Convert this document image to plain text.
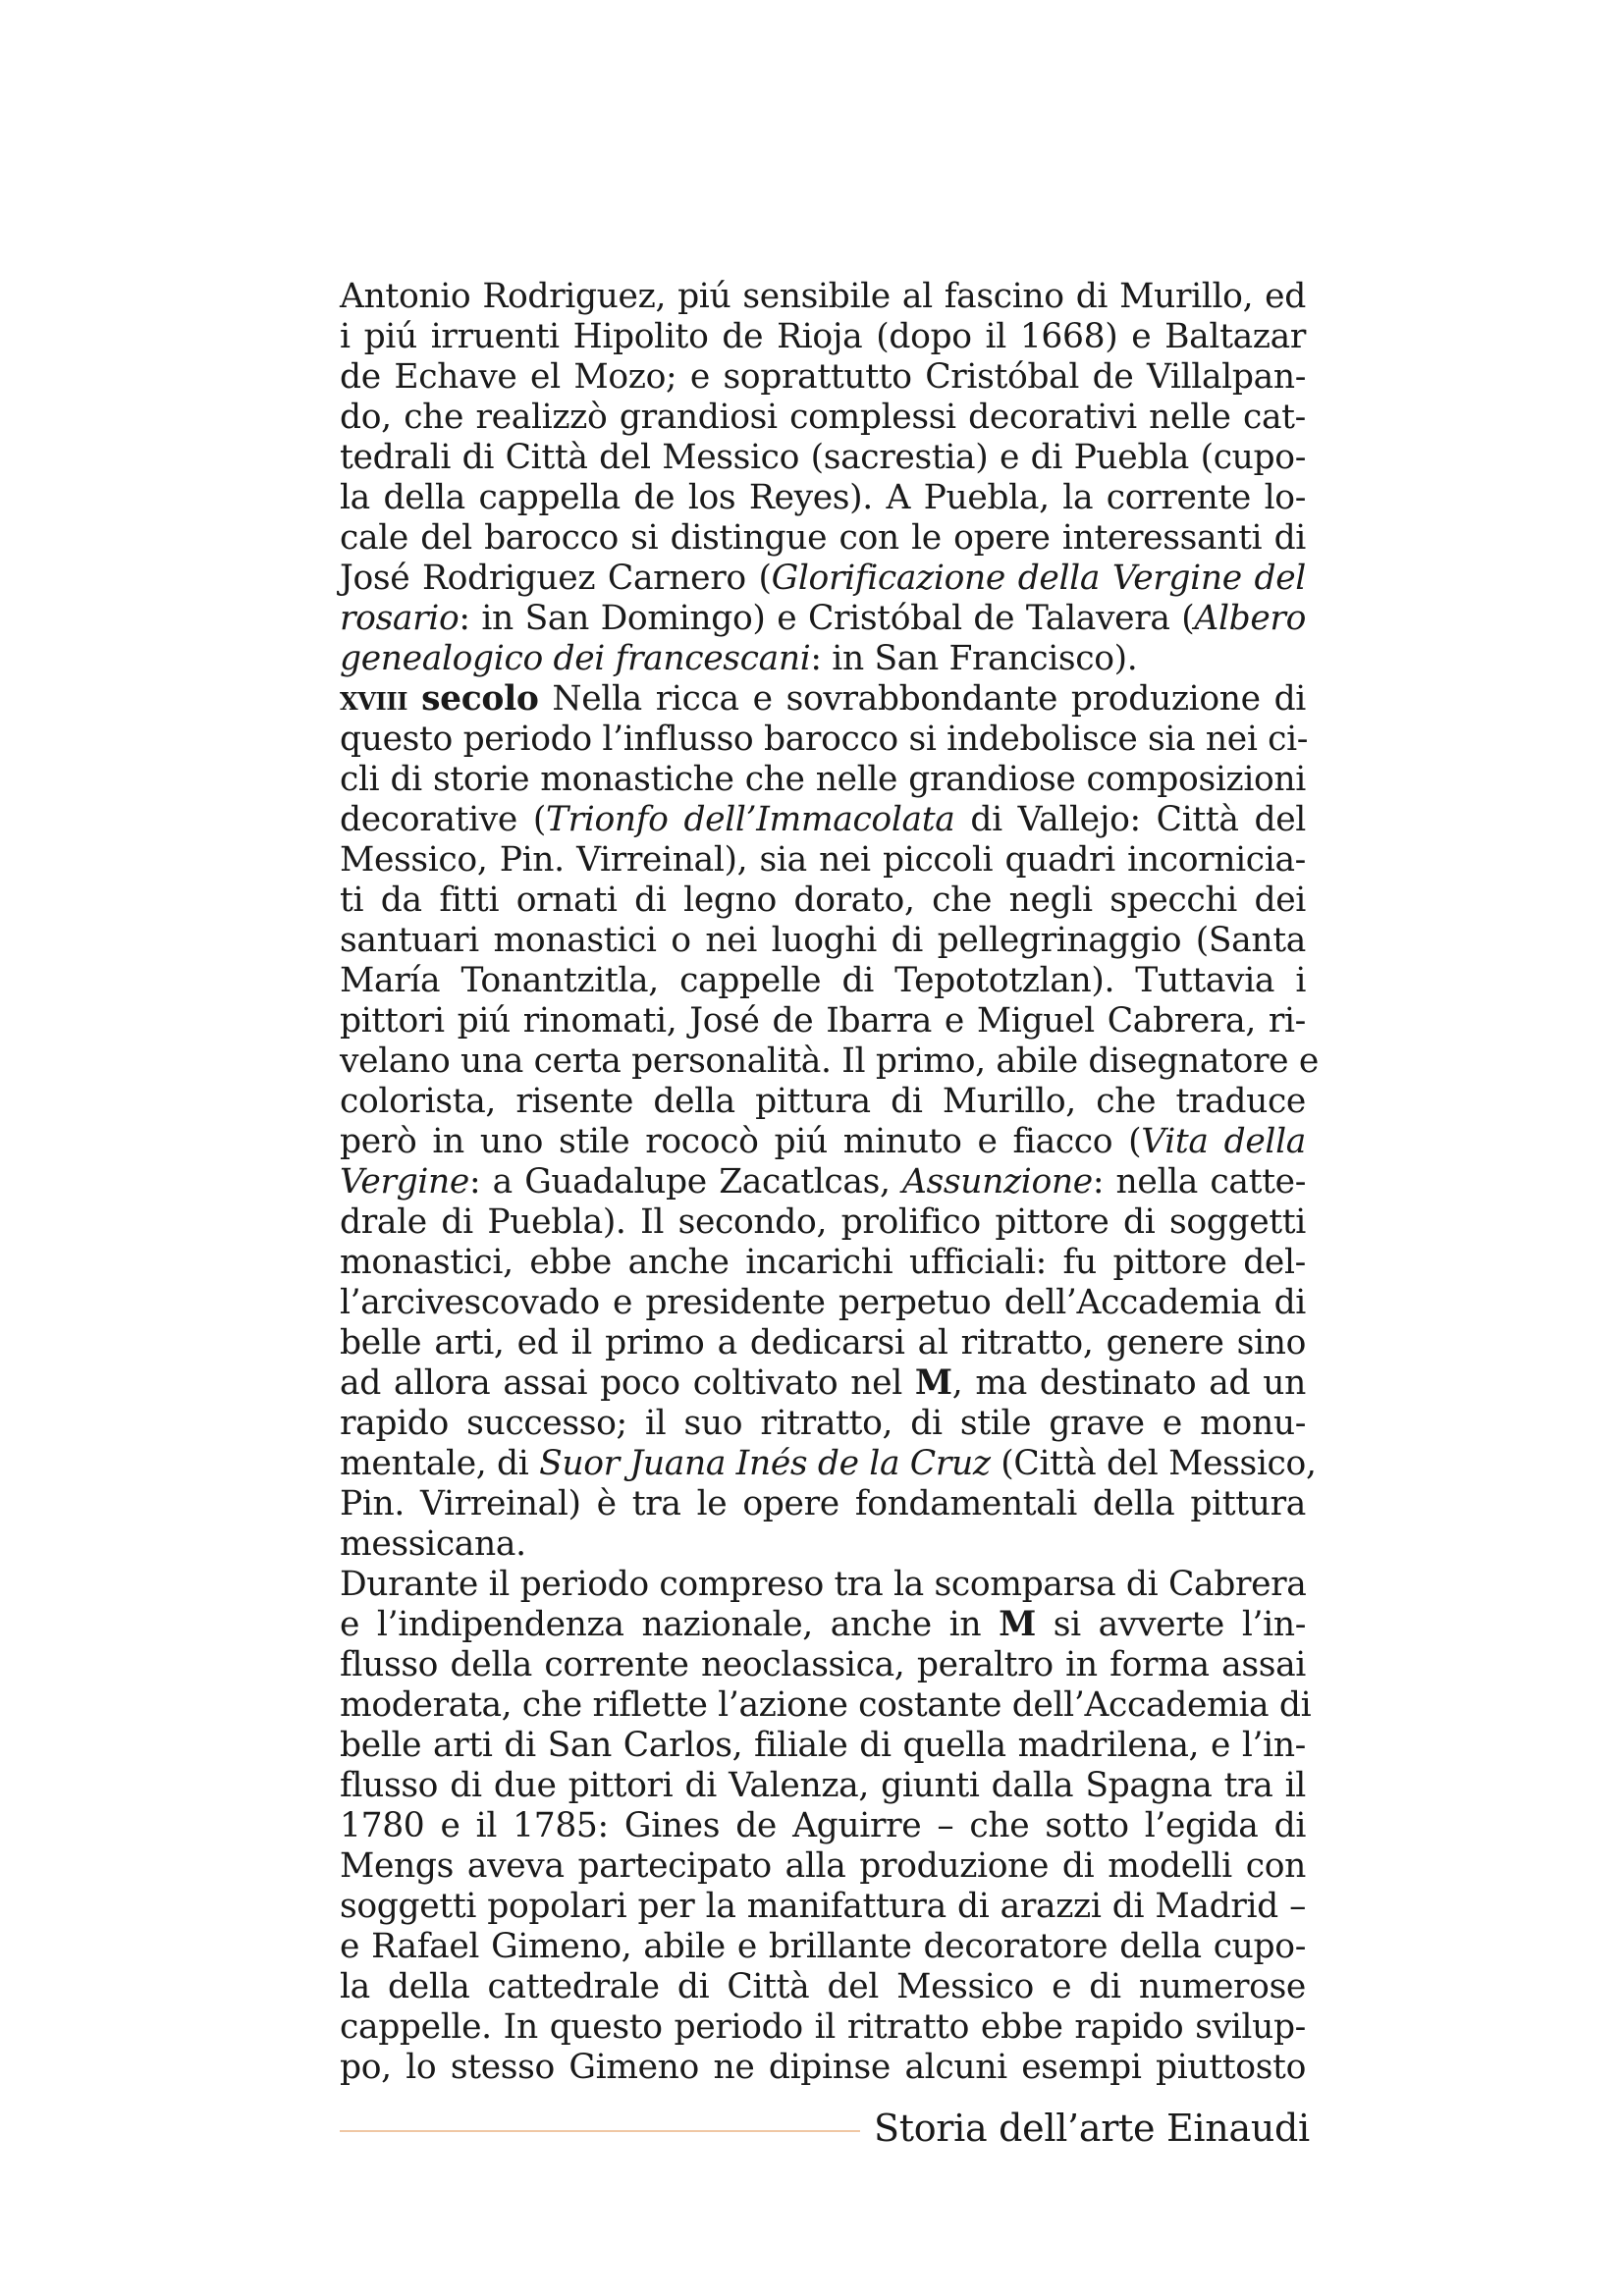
Antonio Rodriguez, piú sensibile al fascino di Murillo, ed
i piú irruenti Hipolito de Rioja (dopo il 1668) e Baltazar
de Echave el Mozo; e soprattutto Cristóbal de Villalpan-
do, che realizzò grandiosi complessi decorativi nelle cat-
tedrali di Città del Messico (sacrestia) e di Puebla (cupo-
la della cappella de los Reyes). A Puebla, la corrente lo-
cale del barocco si distingue con le opere interessanti di
José Rodriguez Carnero (Glorificazione della Vergine del
rosario: in San Domingo) e Cristóbal de Talavera (Albero
genealogico dei francescani: in San Francisco).
xviii secolo Nella ricca e sovrabbondante produzione di
questo periodo l’influsso barocco si indebolisce sia nei ci-
cli di storie monastiche che nelle grandiose composizioni
decorative (Trionfo dell’Immacolata di Vallejo: Città del
Messico, Pin. Virreinal), sia nei piccoli quadri incornicia-
ti da fitti ornati di legno dorato, che negli specchi dei
santuari monastici o nei luoghi di pellegrinaggio (Santa
María Tonantzitla, cappelle di Tepototzlan). Tuttavia i
pittori piú rinomati, José de Ibarra e Miguel Cabrera, ri-
velano una certa personalità. Il primo, abile disegnatore e
colorista, risente della pittura di Murillo, che traduce
però in uno stile rococò piú minuto e fiacco (Vita della
Vergine: a Guadalupe Zacatlcas, Assunzione: nella catte-
drale di Puebla). Il secondo, prolifico pittore di soggetti
monastici, ebbe anche incarichi ufficiali: fu pittore del-
l’arcivescovado e presidente perpetuo dell’Accademia di
belle arti, ed il primo a dedicarsi al ritratto, genere sino
ad allora assai poco coltivato nel M, ma destinato ad un
rapido successo; il suo ritratto, di stile grave e monu-
mentale, di Suor Juana Inés de la Cruz (Città del Messico,
Pin. Virreinal) è tra le opere fondamentali della pittura
messicana.
Durante il periodo compreso tra la scomparsa di Cabrera
e l’indipendenza nazionale, anche in M si avverte l’in-
flusso della corrente neoclassica, peraltro in forma assai
moderata, che riflette l’azione costante dell’Accademia di
belle arti di San Carlos, filiale di quella madrilena, e l’in-
flusso di due pittori di Valenza, giunti dalla Spagna tra il
1780 e il 1785: Gines de Aguirre – che sotto l’egida di
Mengs aveva partecipato alla produzione di modelli con
soggetti popolari per la manifattura di arazzi di Madrid –
e Rafael Gimeno, abile e brillante decoratore della cupo-
la della cattedrale di Città del Messico e di numerose
cappelle. In questo periodo il ritratto ebbe rapido svilup-
po, lo stesso Gimeno ne dipinse alcuni esempi piuttosto
Storia dell’arte Einaudi
